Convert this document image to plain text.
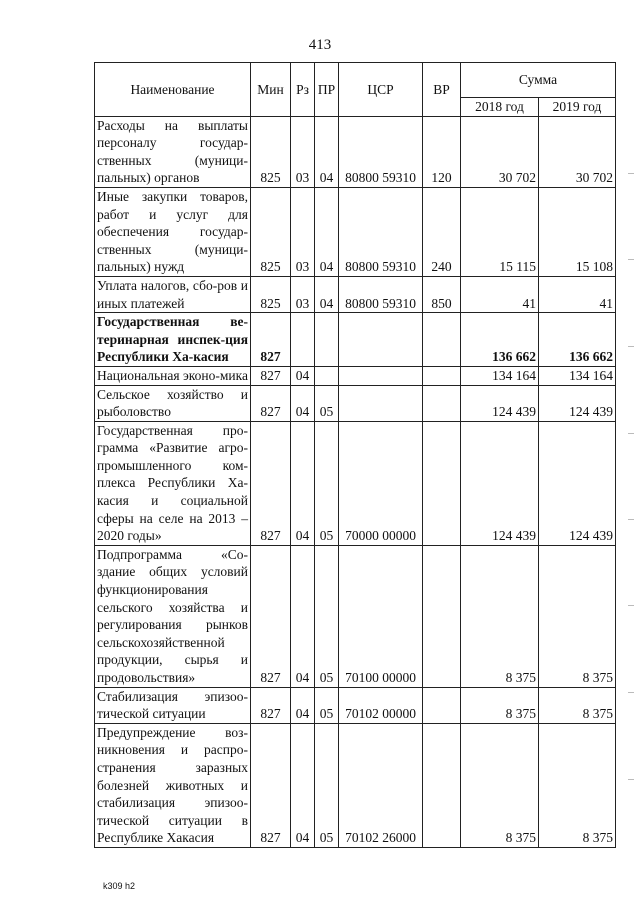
413
Наименование	Мин	Рз	ПР	ЦСР	ВР	Сумма	
						2018 год	2019 год
Расходы на выплаты персоналу государ-ственных (муници-пальных) органов	825	03	04	80800 59310	120	30 702	30 702
Иные закупки товаров, работ и услуг для обеспечения государ-ственных (муници-пальных) нужд	825	03	04	80800 59310	240	15 115	15 108
Уплата налогов, сбо-ров и иных платежей	825	03	04	80800 59310	850	41	41
Государственная ве-теринарная инспек-ция Республики Ха-касия	827					136 662	136 662
Национальная эконо-мика	827	04				134 164	134 164
Сельское хозяйство и рыболовство	827	04	05			124 439	124 439
Государственная про-грамма «Развитие агро-промышленного ком-плекса Республики Ха-касия и социальной сферы на селе на 2013 – 2020 годы»	827	04	05	70000 00000		124 439	124 439
Подпрограмма «Со-здание общих условий функционирования сельского хозяйства и регулирования рынков сельскохозяйственной продукции, сырья и продовольствия»	827	04	05	70100 00000		8 375	8 375
Стабилизация эпизоо-тической ситуации	827	04	05	70102 00000		8 375	8 375
Предупреждение воз-никновения и распро-странения заразных болезней животных и стабилизация эпизоо-тической ситуации в Республике Хакасия	827	04	05	70102 26000		8 375	8 375
k309 h2
